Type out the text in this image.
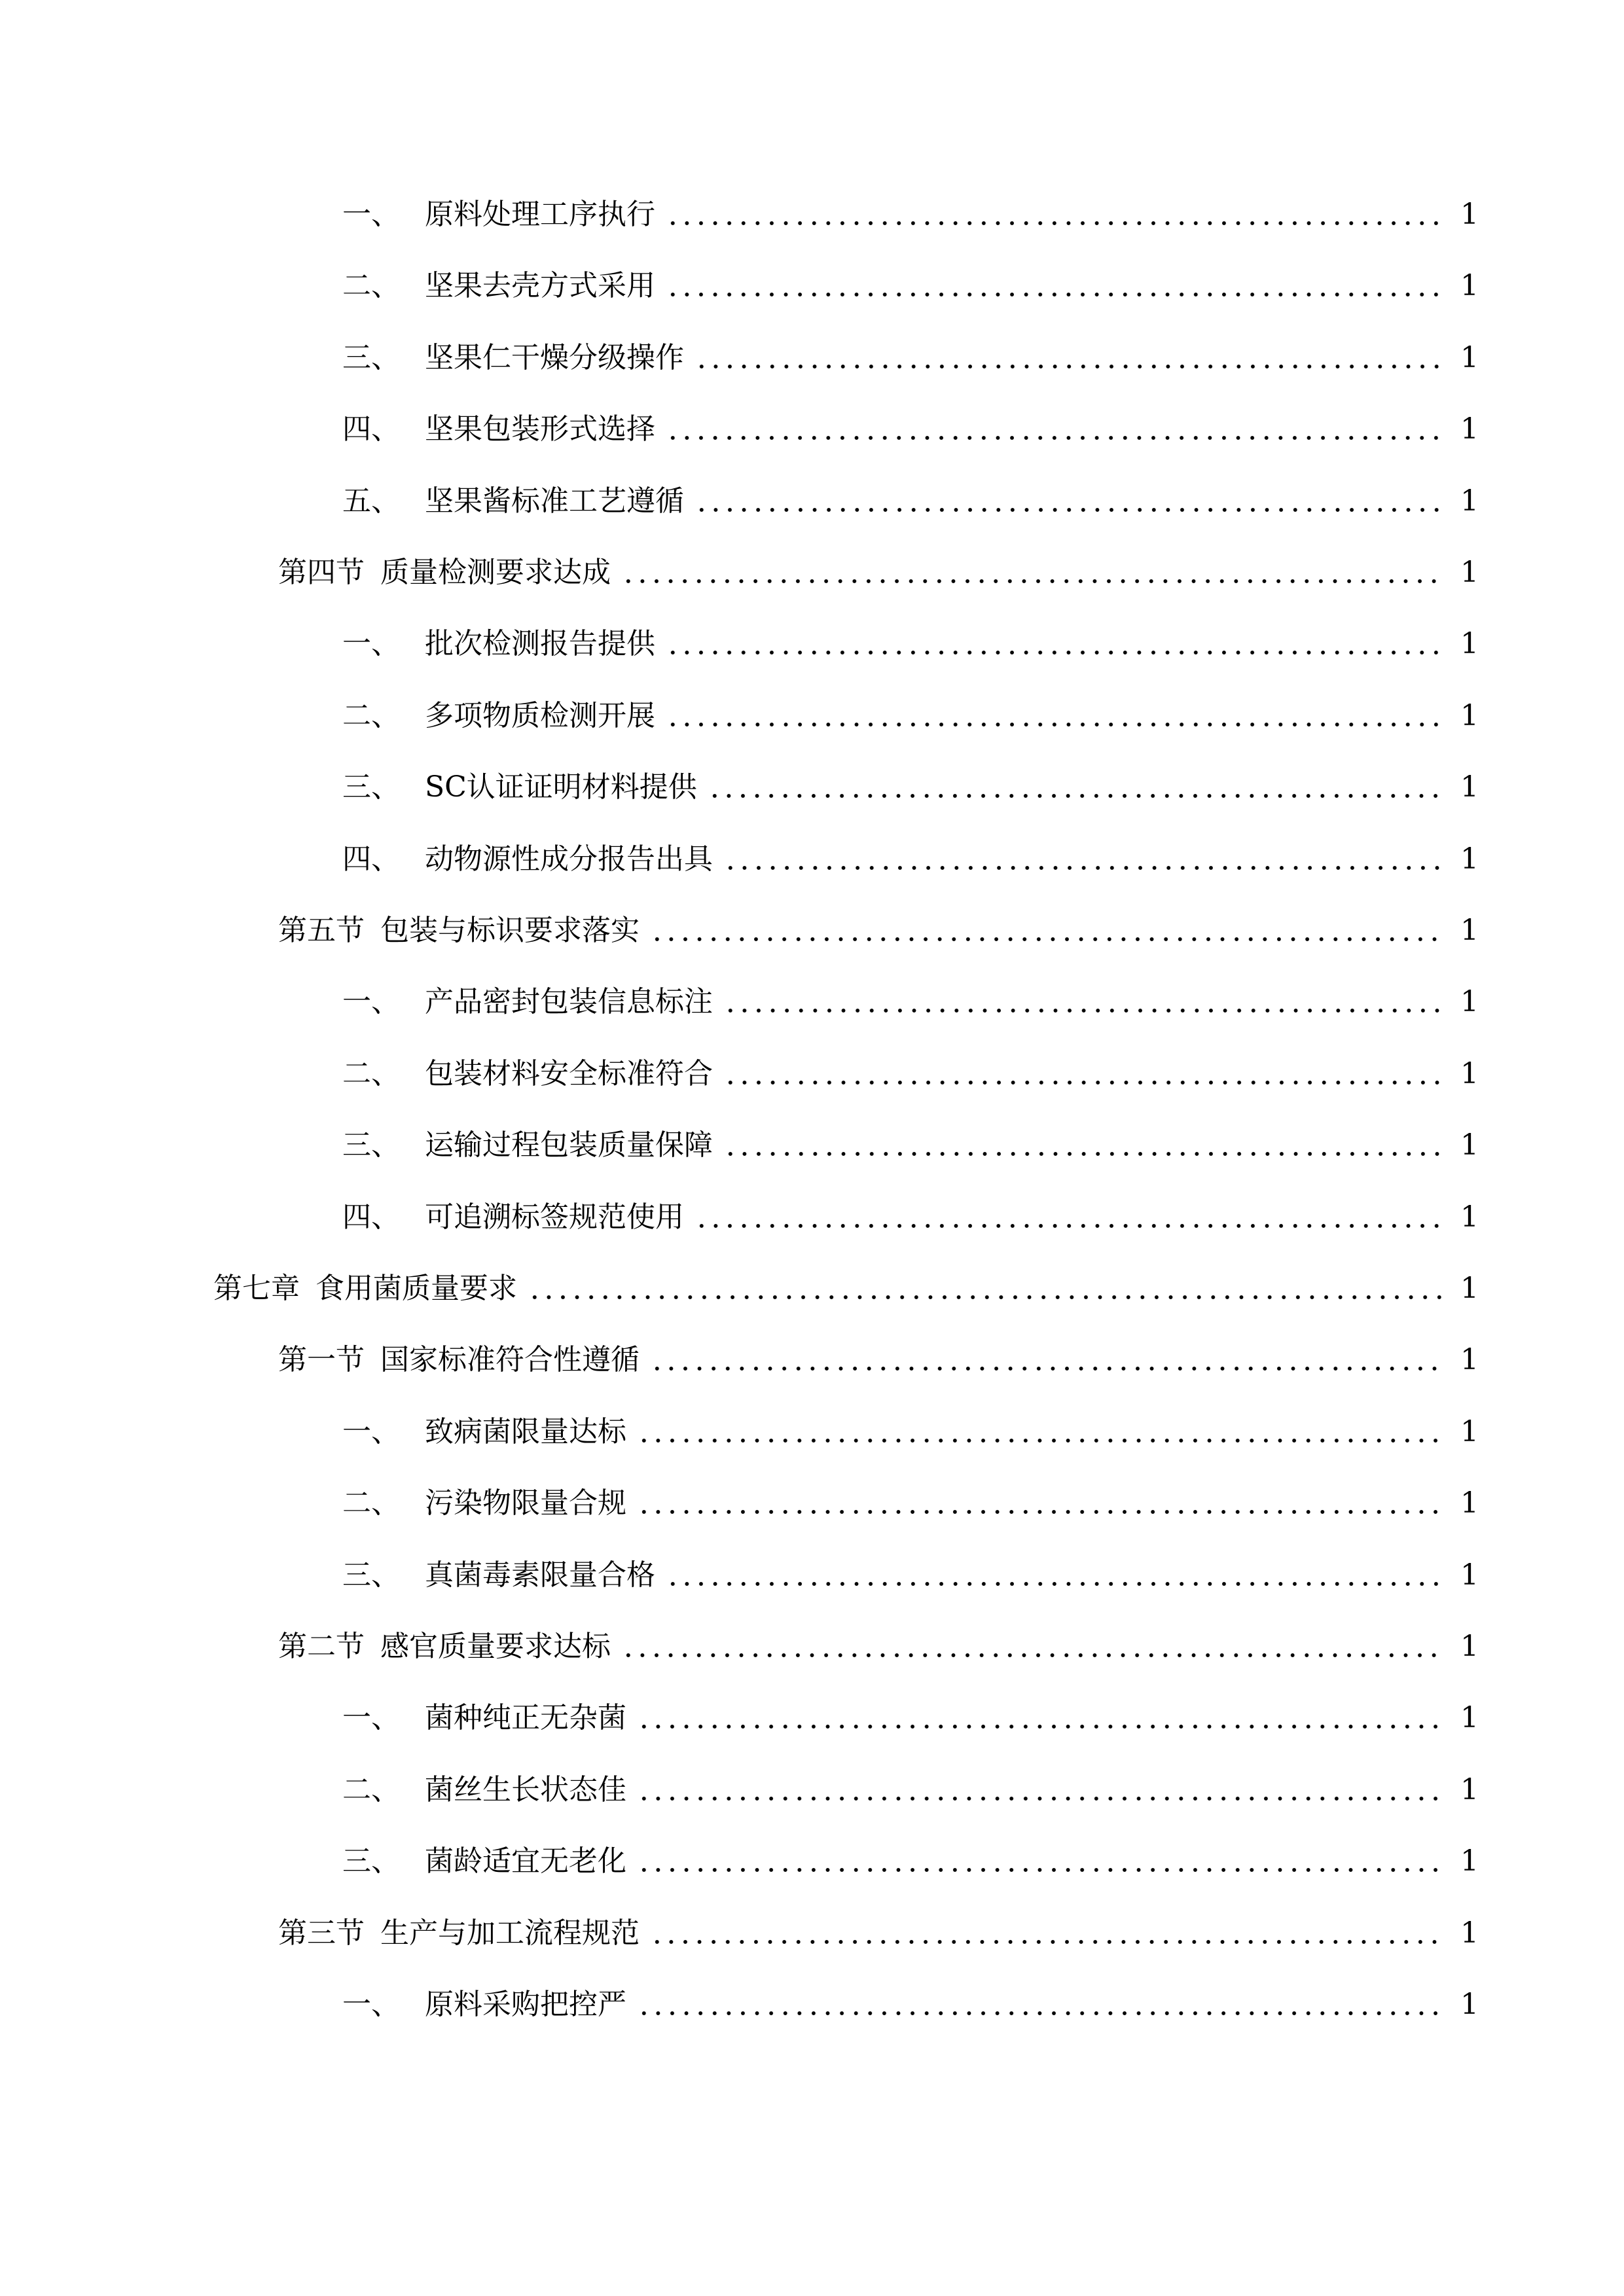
一、 原料处理工序执行	1
二、 坚果去壳方式采用	1
三、 坚果仁干燥分级操作	1
四、 坚果包装形式选择	1
五、 坚果酱标准工艺遵循	1
第四节 质量检测要求达成	1
一、 批次检测报告提供	1
二、 多项物质检测开展	1
三、 SC认证证明材料提供	1
四、 动物源性成分报告出具	1
第五节 包装与标识要求落实	1
一、 产品密封包装信息标注	1
二、 包装材料安全标准符合	1
三、 运输过程包装质量保障	1
四、 可追溯标签规范使用	1
第七章 食用菌质量要求	1
第一节 国家标准符合性遵循	1
一、 致病菌限量达标	1
二、 污染物限量合规	1
三、 真菌毒素限量合格	1
第二节 感官质量要求达标	1
一、 菌种纯正无杂菌	1
二、 菌丝生长状态佳	1
三、 菌龄适宜无老化	1
第三节 生产与加工流程规范	1
一、 原料采购把控严	1
